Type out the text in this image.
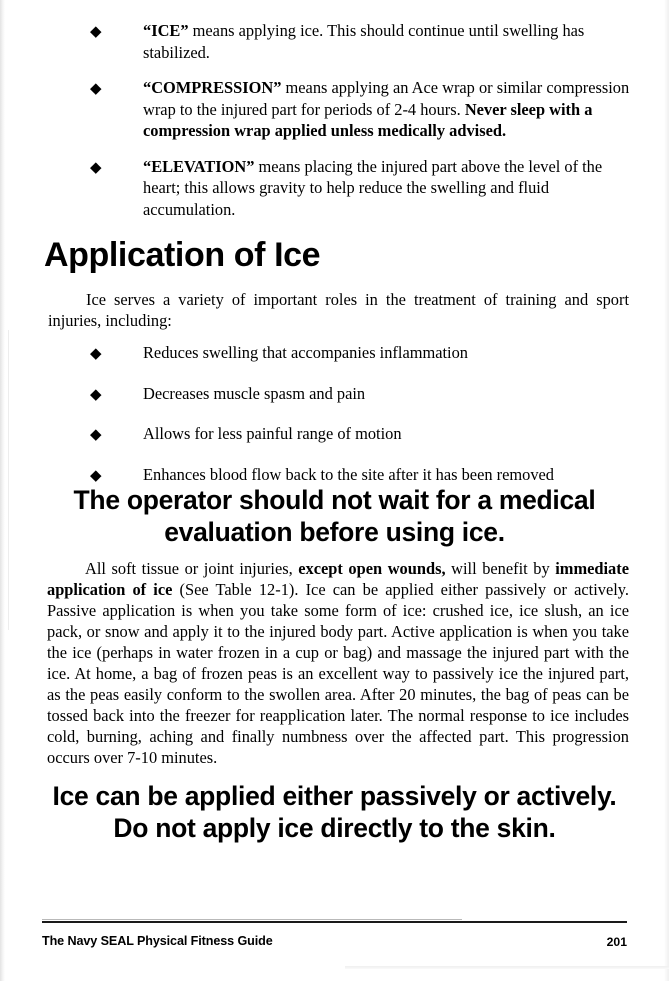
◆	“ICE” means applying ice. This should continue until swelling has stabilized.
◆	“COMPRESSION” means applying an Ace wrap or similar compression wrap to the injured part for periods of 2-4 hours. Never sleep with a compression wrap applied unless medically advised.
◆	“ELEVATION” means placing the injured part above the level of the heart; this allows gravity to help reduce the swelling and fluid accumulation.
Application of Ice

Ice serves a variety of important roles in the treatment of training and sport injuries, including:

◆	Reduces swelling that accompanies inflammation
◆	Decreases muscle spasm and pain
◆	Allows for less painful range of motion
◆	Enhances blood flow back to the site after it has been removed
The operator should not wait for a medical
evaluation before using ice.

All soft tissue or joint injuries, except open wounds, will benefit by immediate application of ice (See Table 12-1). Ice can be applied either passively or actively. Passive application is when you take some form of ice: crushed ice, ice slush, an ice pack, or snow and apply it to the injured body part. Active application is when you take the ice (perhaps in water frozen in a cup or bag) and massage the injured part with the ice. At home, a bag of frozen peas is an excellent way to passively ice the injured part, as the peas easily conform to the swollen area. After 20 minutes, the bag of peas can be tossed back into the freezer for reapplication later. The normal response to ice includes cold, burning, aching and finally numbness over the affected part. This progression occurs over 7-10 minutes.

Ice can be applied either passively or actively.
Do not apply ice directly to the skin.
The Navy SEAL Physical Fitness Guide	201
